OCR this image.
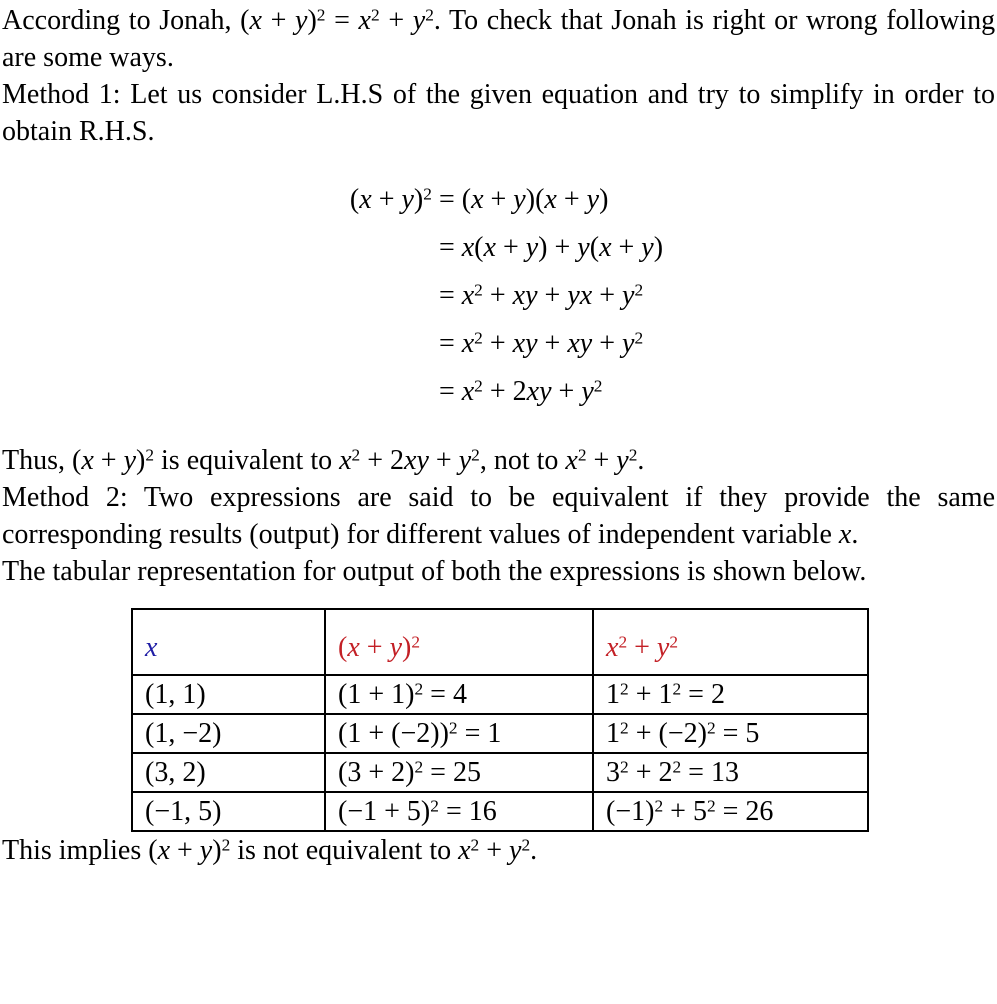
According to Jonah, $(x + y)^2 = x^2 + y^2$. To check that Jonah is right or wrong following are some ways.

Method 1: Let us consider L.H.S of the given equation and try to simplify in order to obtain R.H.S.

$(x + y)^2$	= (x + y)(x + y)
	= x(x + y) + y(x + y)
	= $x^2$ + xy + yx + $y^2$
	= $x^2$ + xy + xy + $y^2$
	= $x^2 + 2xy + y^2$

Thus, $(x + y)^2$ is equivalent to $x^2 + 2xy + y^2$, not to $x^2 + y^2$.

Method 2: Two expressions are said to be equivalent if they provide the same corresponding results (output) for different values of independent variable x.

The tabular representation for output of both the expressions is shown below.

x	$(x + y)^2$	$x^2 + y^2$
(1, 1)	$(1 + 1)^2 = 4$	$1^2 + 1^2 = 2$
(1, −2)	$(1 + (-2))^2 = 1$	$1^2 + (-2)^2 = 5$
(3, 2)	$(3 + 2)^2 = 25$	$3^2 + 2^2 = 13$
(−1, 5)	$(-1 + 5)^2 = 16$	$(-1)^2 + 5^2 = 26$

This implies $(x + y)^2$ is not equivalent to $x^2 + y^2$.
